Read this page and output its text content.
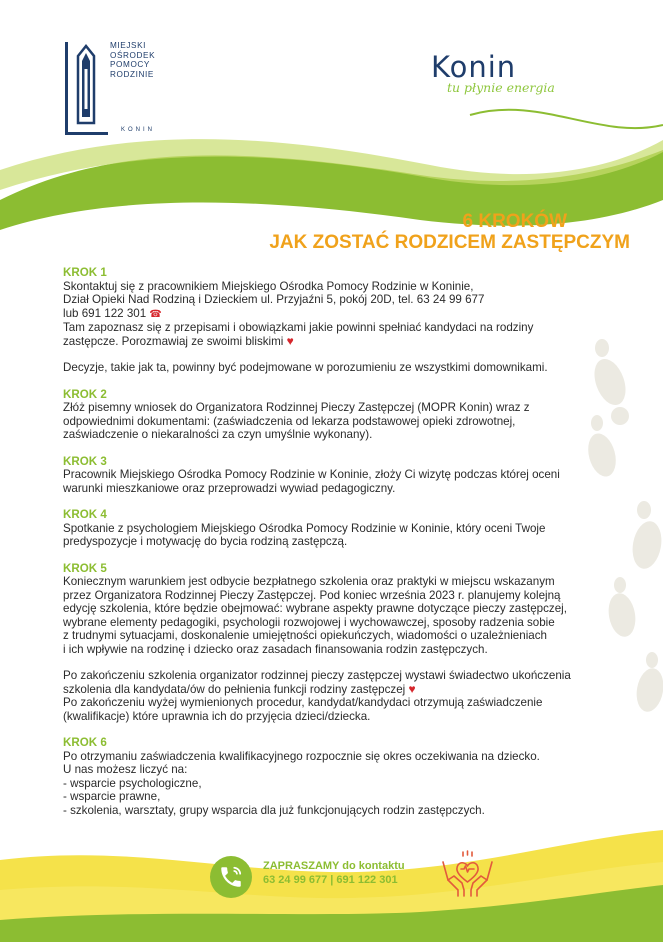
MIEJSKI
OŚRODEK
POMOCY
RODZINIE
KONIN
Konin
tu płynie energia
6 KROKÓW
JAK ZOSTAĆ RODZICEM ZASTĘPCZYM
KROK 1
Skontaktuj się z pracownikiem Miejskiego Ośrodka Pomocy Rodzinie w Koninie,
Dział Opieki Nad Rodziną i Dzieckiem ul. Przyjaźni 5, pokój 20D, tel. 63 24 99 677
lub 691 122 301 ☎
Tam zapoznasz się z przepisami i obowiązkami jakie powinni spełniać kandydaci na rodziny
zastępcze. Porozmawiaj ze swoimi bliskimi ♥
Decyzje, takie jak ta, powinny być podejmowane w porozumieniu ze wszystkimi domownikami.
KROK 2
Złóż pisemny wniosek do Organizatora Rodzinnej Pieczy Zastępczej (MOPR Konin) wraz z
odpowiednimi dokumentami: (zaświadczenia od lekarza podstawowej opieki zdrowotnej,
zaświadczenie o niekaralności za czyn umyślnie wykonany).
KROK 3
Pracownik Miejskiego Ośrodka Pomocy Rodzinie w Koninie, złoży Ci wizytę podczas której oceni
warunki mieszkaniowe oraz przeprowadzi wywiad pedagogiczny.
KROK 4
Spotkanie z psychologiem Miejskiego Ośrodka Pomocy Rodzinie w Koninie, który oceni Twoje
predyspozycje i motywację do bycia rodziną zastępczą.
KROK 5
Koniecznym warunkiem jest odbycie bezpłatnego szkolenia oraz praktyki w miejscu wskazanym
przez Organizatora Rodzinnej Pieczy Zastępczej. Pod koniec września 2023 r. planujemy kolejną
edycję szkolenia, które będzie obejmować: wybrane aspekty prawne dotyczące pieczy zastępczej,
wybrane elementy pedagogiki, psychologii rozwojowej i wychowawczej, sposoby radzenia sobie
z trudnymi sytuacjami, doskonalenie umiejętności opiekuńczych, wiadomości o uzależnieniach
i ich wpływie na rodzinę i dziecko oraz zasadach finansowania rodzin zastępczych.
Po zakończeniu szkolenia organizator rodzinnej pieczy zastępczej wystawi świadectwo ukończenia
szkolenia dla kandydata/ów do pełnienia funkcji rodziny zastępczej ♥
Po zakończeniu wyżej wymienionych procedur, kandydat/kandydaci otrzymują zaświadczenie
(kwalifikacje) które uprawnia ich do przyjęcia dzieci/dziecka.
KROK 6
Po otrzymaniu zaświadczenia kwalifikacyjnego rozpocznie się okres oczekiwania na dziecko.
U nas możesz liczyć na:
- wsparcie psychologiczne,
- wsparcie prawne,
- szkolenia, warsztaty, grupy wsparcia dla już funkcjonujących rodzin zastępczych.
ZAPRASZAMY do kontaktu
63 24 99 677 | 691 122 301
